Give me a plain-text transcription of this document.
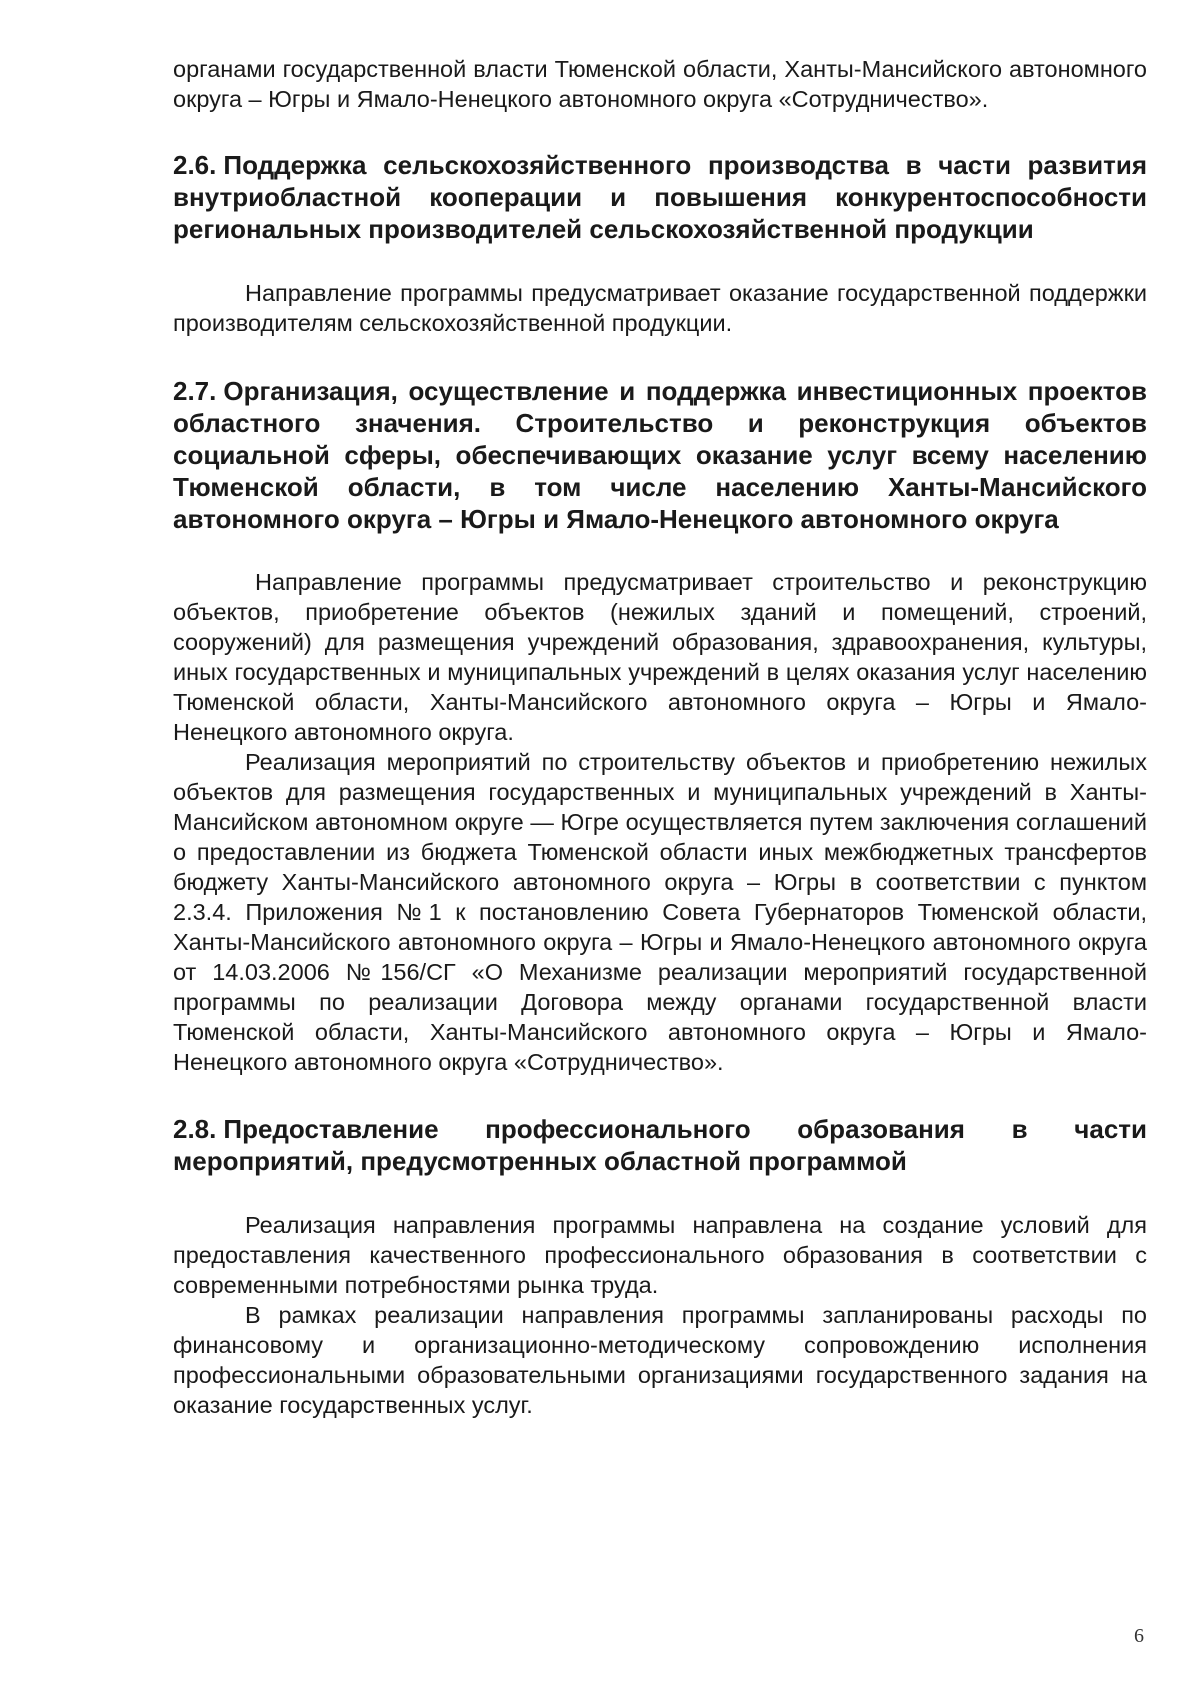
органами государственной власти Тюменской области, Ханты-Мансийского автономного округа – Югры и Ямало-Ненецкого автономного округа «Сотрудничество».

2.6. Поддержка сельскохозяйственного производства в части развития внутриобластной кооперации и повышения конкурентоспособности региональных производителей сельскохозяйственной продукции

Направление программы предусматривает оказание государственной поддержки производителям сельскохозяйственной продукции.

2.7. Организация, осуществление и поддержка инвестиционных проектов областного значения. Строительство и реконструкция объектов социальной сферы, обеспечивающих оказание услуг всему населению Тюменской области, в том числе населению Ханты-Мансийского автономного округа – Югры и Ямало-Ненецкого автономного округа

Направление программы предусматривает строительство и реконструкцию объектов, приобретение объектов (нежилых зданий и помещений, строений, сооружений) для размещения учреждений образования, здравоохранения, культуры, иных государственных и муниципальных учреждений в целях оказания услуг населению Тюменской области, Ханты-Мансийского автономного округа – Югры и Ямало-Ненецкого автономного округа.

Реализация мероприятий по строительству объектов и приобретению нежилых объектов для размещения государственных и муниципальных учреждений в Ханты-Мансийском автономном округе — Югре осуществляется путем заключения соглашений о предоставлении из бюджета Тюменской области иных межбюджетных трансфертов бюджету Ханты-Мансийского автономного округа – Югры в соответствии с пунктом 2.3.4. Приложения №1 к постановлению Совета Губернаторов Тюменской области, Ханты-Мансийского автономного округа – Югры и Ямало-Ненецкого автономного округа от 14.03.2006 №156/СГ «О Механизме реализации мероприятий государственной программы по реализации Договора между органами государственной власти Тюменской области, Ханты-Мансийского автономного округа – Югры и Ямало-Ненецкого автономного округа «Сотрудничество».

2.8. Предоставление профессионального образования в части мероприятий, предусмотренных областной программой

Реализация направления программы направлена на создание условий для предоставления качественного профессионального образования в соответствии с современными потребностями рынка труда.

В рамках реализации направления программы запланированы расходы по финансовому и организационно-методическому сопровождению исполнения профессиональными образовательными организациями государственного задания на оказание государственных услуг.

6
